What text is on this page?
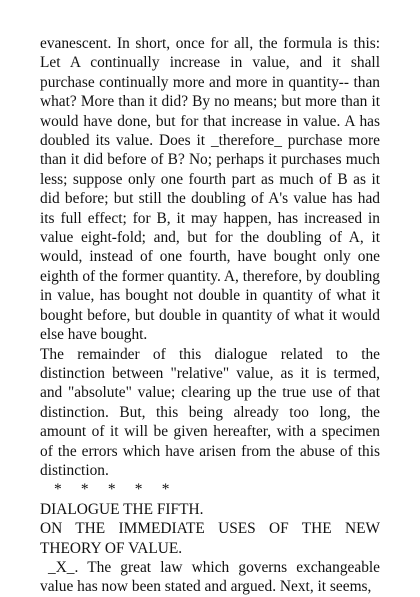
evanescent. In short, once for all, the formula is this: Let A continually increase in value, and it shall purchase continually more and more in quantity-- than what? More than it did? By no means; but more than it would have done, but for that increase in value. A has doubled its value. Does it _therefore_ purchase more than it did before of B? No; perhaps it purchases much less; suppose only one fourth part as much of B as it did before; but still the doubling of A's value has had its full effect; for B, it may happen, has increased in value eight-fold; and, but for the doubling of A, it would, instead of one fourth, have bought only one eighth of the former quantity. A, therefore, by doubling in value, has bought not double in quantity of what it bought before, but double in quantity of what it would else have bought.

The remainder of this dialogue related to the distinction between "relative" value, as it is termed, and "absolute" value; clearing up the true use of that distinction. But, this being already too long, the amount of it will be given hereafter, with a specimen of the errors which have arisen from the abuse of this distinction.

*     *     *     *     *

DIALOGUE THE FIFTH.

ON THE IMMEDIATE USES OF THE NEW THEORY OF VALUE.

_X_. The great law which governs exchangeable value has now been stated and argued. Next, it seems,
